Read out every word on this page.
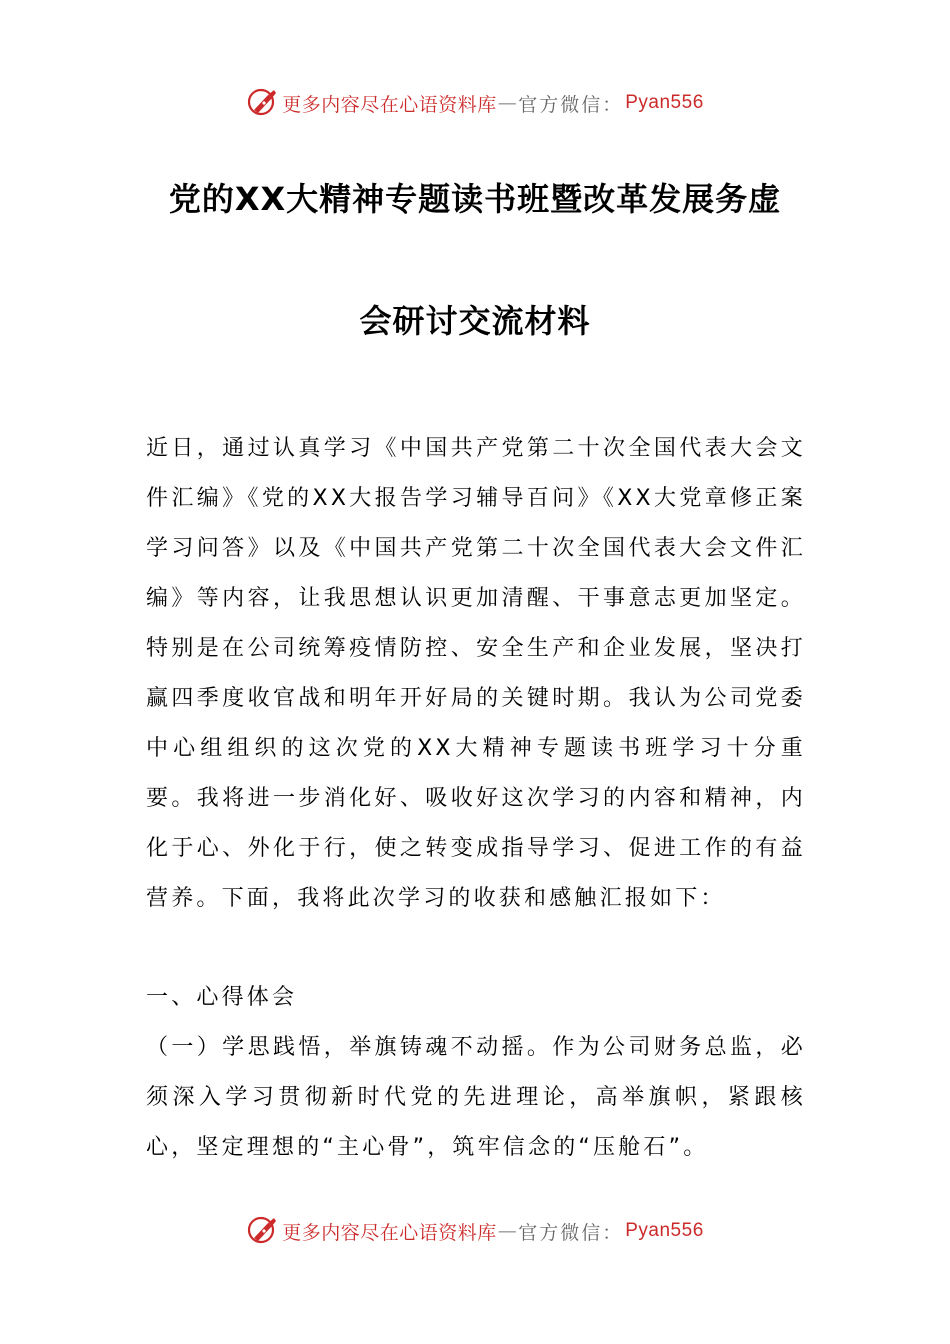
更多内容尽在心语资料库 — 官方微信： Pyan556
党的XX大精神专题读书班暨改革发展务虚
会研讨交流材料

近日，通过认真学习《中国共产党第二十次全国代表大会文件汇编》《党的XX大报告学习辅导百问》《XX大党章修正案学习问答》以及《中国共产党第二十次全国代表大会文件汇编》等内容，让我思想认识更加清醒、干事意志更加坚定。特别是在公司统筹疫情防控、安全生产和企业发展，坚决打赢四季度收官战和明年开好局的关键时期。我认为公司党委中心组组织的这次党的XX大精神专题读书班学习十分重要。我将进一步消化好、吸收好这次学习的内容和精神，内化于心、外化于行，使之转变成指导学习、促进工作的有益营养。下面，我将此次学习的收获和感触汇报如下：

一、心得体会

（一）学思践悟，举旗铸魂不动摇。作为公司财务总监，必须深入学习贯彻新时代党的先进理论，高举旗帜，紧跟核心，坚定理想的“主心骨”，筑牢信念的“压舱石”。

更多内容尽在心语资料库 — 官方微信： Pyan556
